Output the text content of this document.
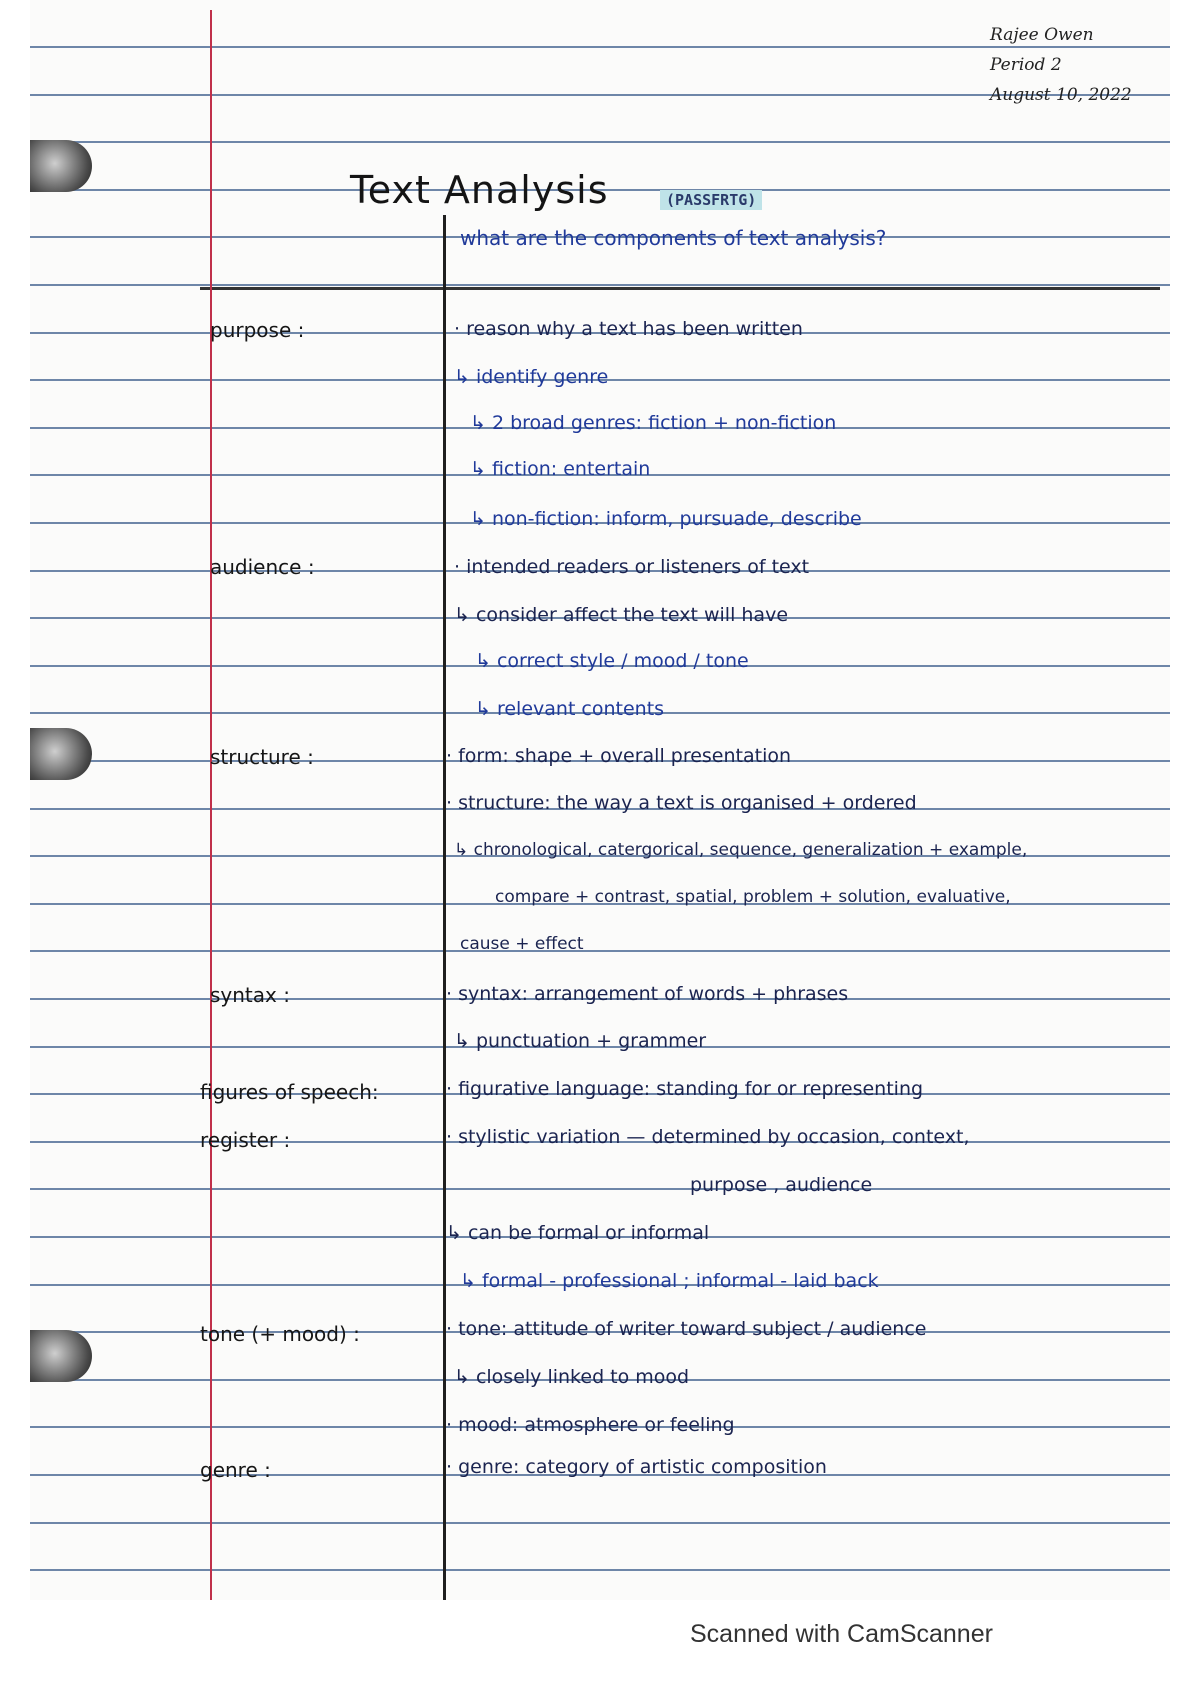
Rajee Owen
Period 2
August 10, 2022
Text Analysis	(PASSFRTG)
what are the components of text analysis?
purpose :	· reason why a text has been written
↳ identify genre
↳ 2 broad genres: fiction + non-fiction
↳ fiction: entertain
↳ non-fiction: inform, pursuade, describe
audience :	· intended readers or listeners of text
↳ consider affect the text will have
↳ correct style / mood / tone
↳ relevant contents
structure :	· form: shape + overall presentation
· structure: the way a text is organised + ordered
↳ chronological, catergorical, sequence, generalization + example,
compare + contrast, spatial, problem + solution, evaluative,
cause + effect
syntax :	· syntax: arrangement of words + phrases
↳ punctuation + grammer
figures of speech:	· figurative language: standing for or representing
register :	· stylistic variation — determined by occasion, context,
purpose , audience
↳ can be formal or informal
↳ formal - professional ; informal - laid back
tone (+ mood) :	· tone: attitude of writer toward subject / audience
↳ closely linked to mood
· mood: atmosphere or feeling
genre :	· genre: category of artistic composition
Scanned with CamScanner
